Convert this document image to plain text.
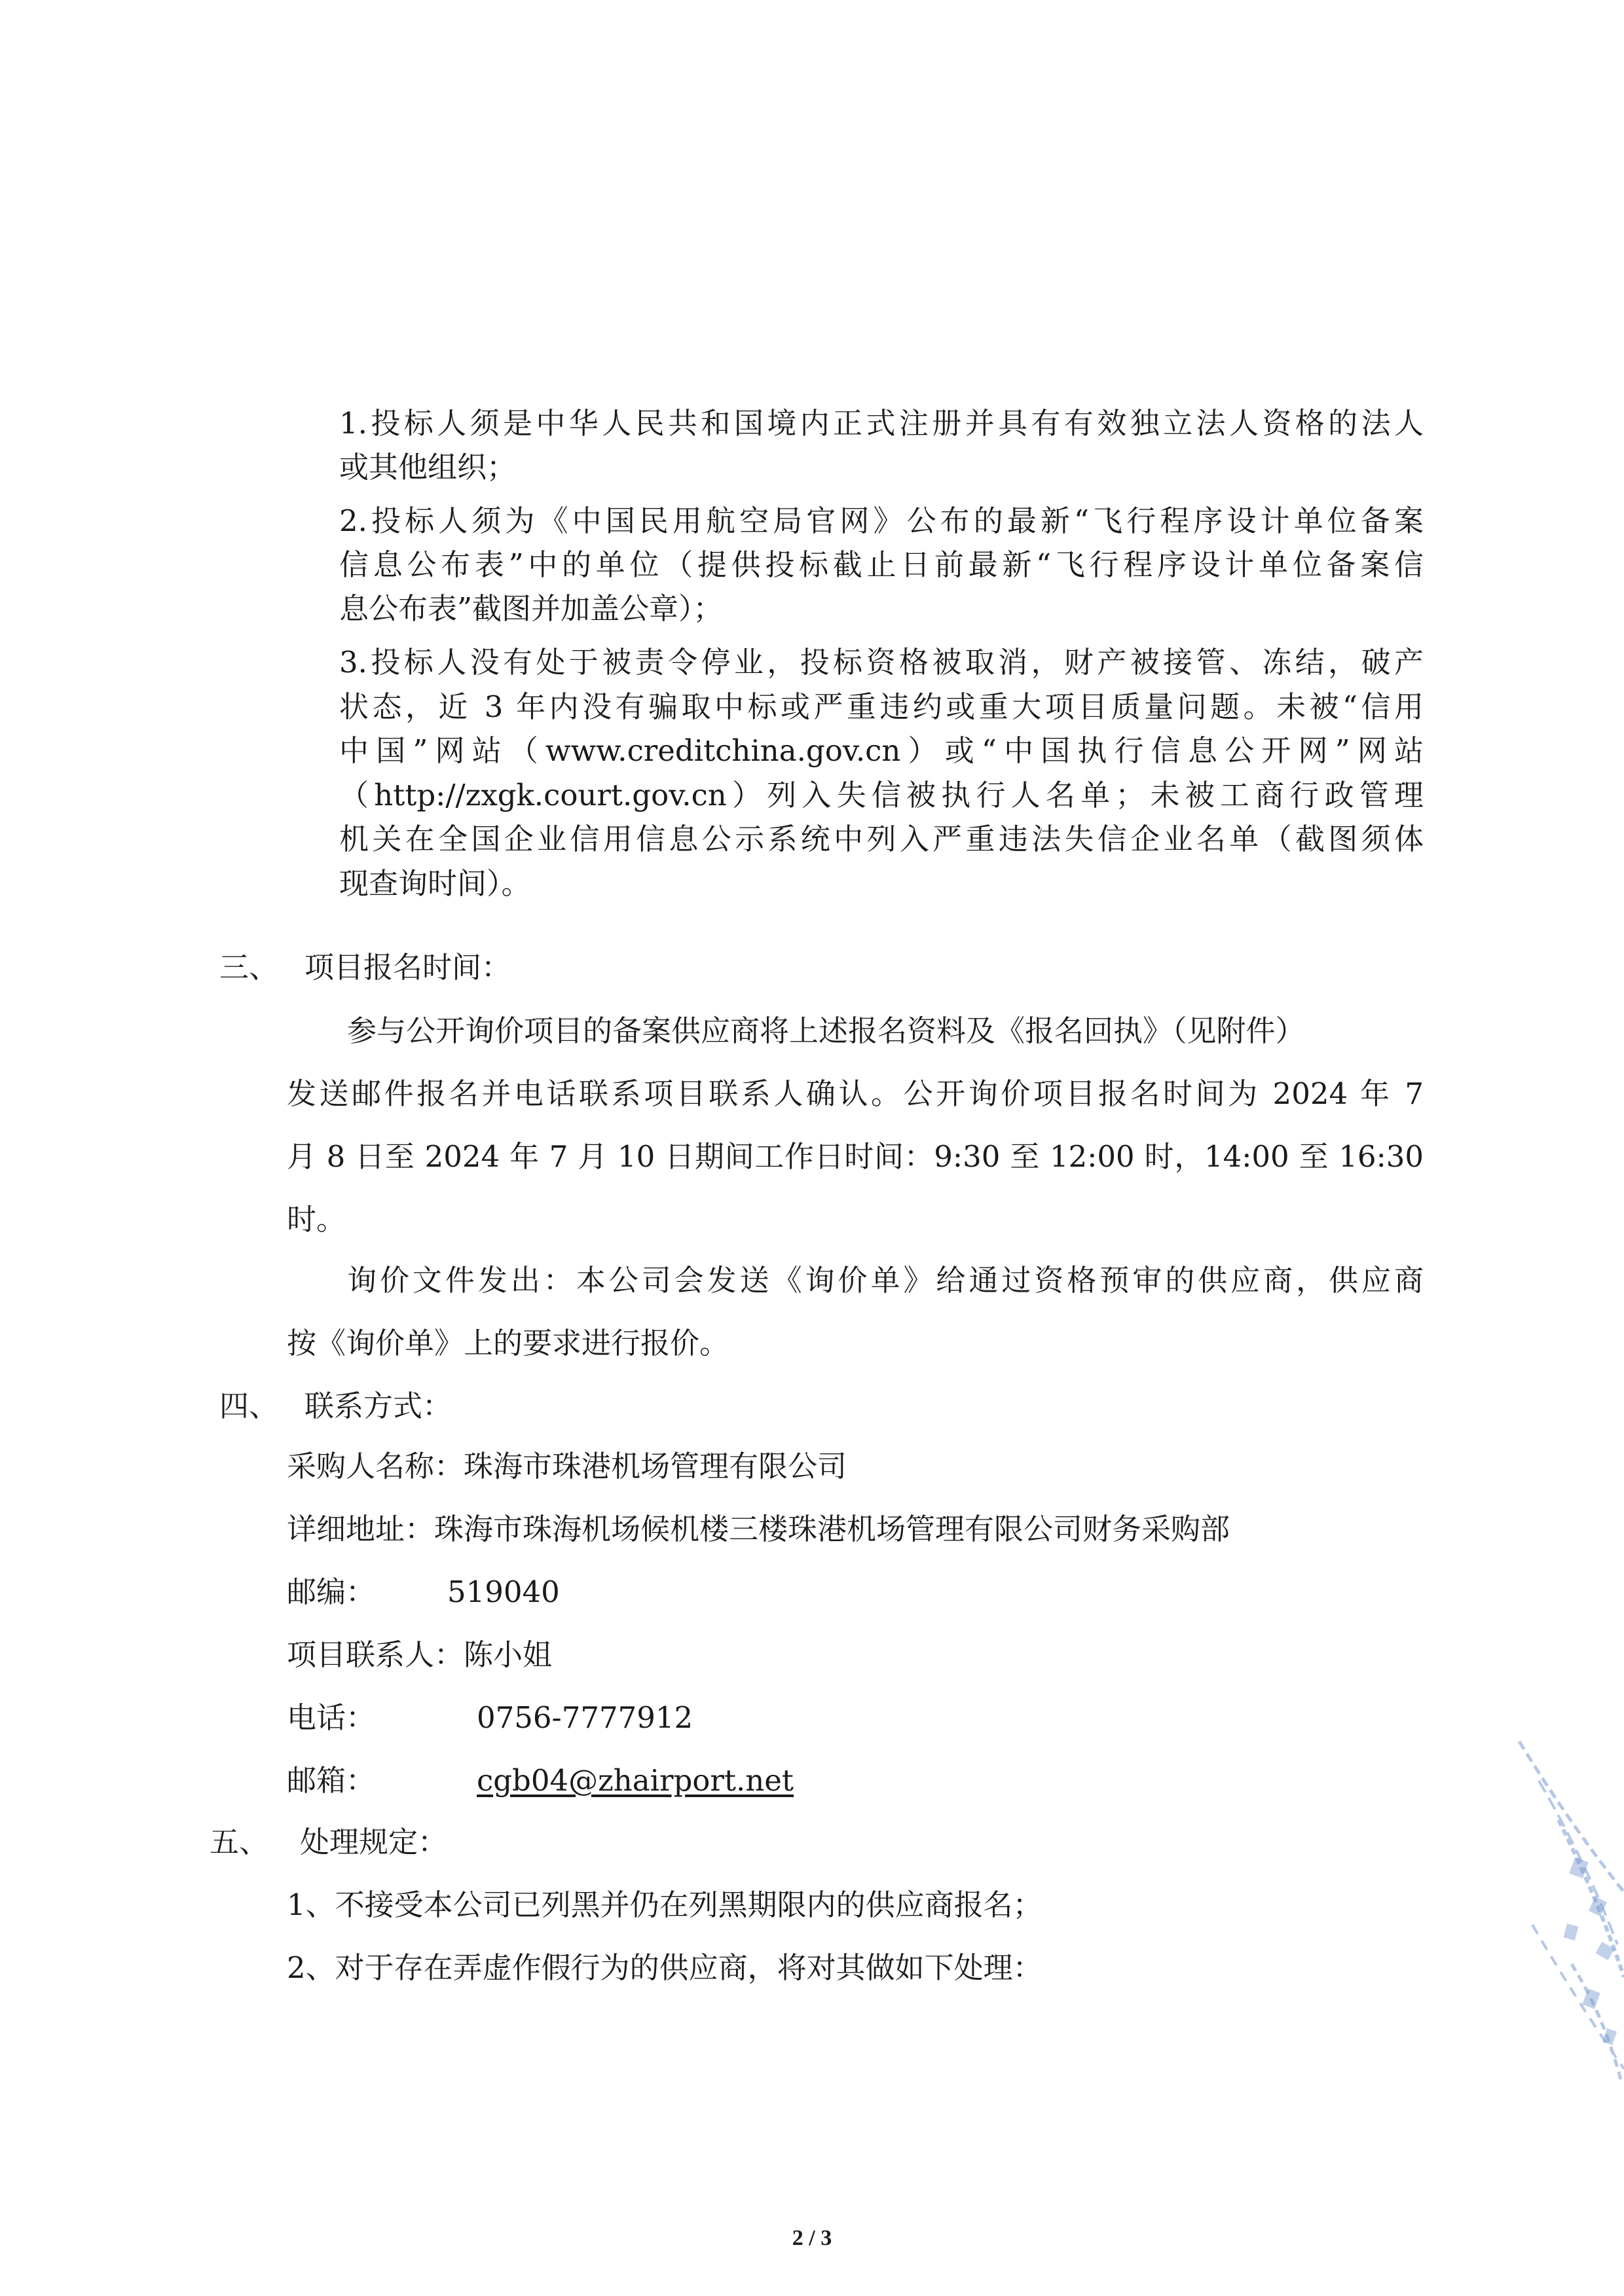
1.投标人须是中华人民共和国境内正式注册并具有有效独立法人资格的法人
或其他组织；
2.投标人须为《中国民用航空局官网》公布的最新“飞行程序设计单位备案
信息公布表”中的单位（提供投标截止日前最新“飞行程序设计单位备案信
息公布表”截图并加盖公章）；
3.投标人没有处于被责令停业，投标资格被取消，财产被接管、冻结，破产
状态，近 3 年内没有骗取中标或严重违约或重大项目质量问题。未被“信用
中国”网站（www.creditchina.gov.cn）或“中国执行信息公开网”网站
（http://zxgk.court.gov.cn）列入失信被执行人名单；未被工商行政管理
机关在全国企业信用信息公示系统中列入严重违法失信企业名单（截图须体
现查询时间）。
三、 项目报名时间：
参与公开询价项目的备案供应商将上述报名资料及《报名回执》（见附件）
发送邮件报名并电话联系项目联系人确认。公开询价项目报名时间为 2024 年 7
月 8 日至 2024 年 7 月 10 日期间工作日时间：9:30 至 12:00 时，14:00 至 16:30
时。
询价文件发出：本公司会发送《询价单》给通过资格预审的供应商，供应商
按《询价单》上的要求进行报价。
四、 联系方式：
采购人名称：珠海市珠港机场管理有限公司
详细地址：珠海市珠海机场候机楼三楼珠港机场管理有限公司财务采购部
邮编： 519040
项目联系人：陈小姐
电话：	0756-7777912
邮箱：	cgb04@zhairport.net
五、 处理规定：
1、不接受本公司已列黑并仍在列黑期限内的供应商报名；
2、对于存在弄虚作假行为的供应商，将对其做如下处理：
2 / 3
